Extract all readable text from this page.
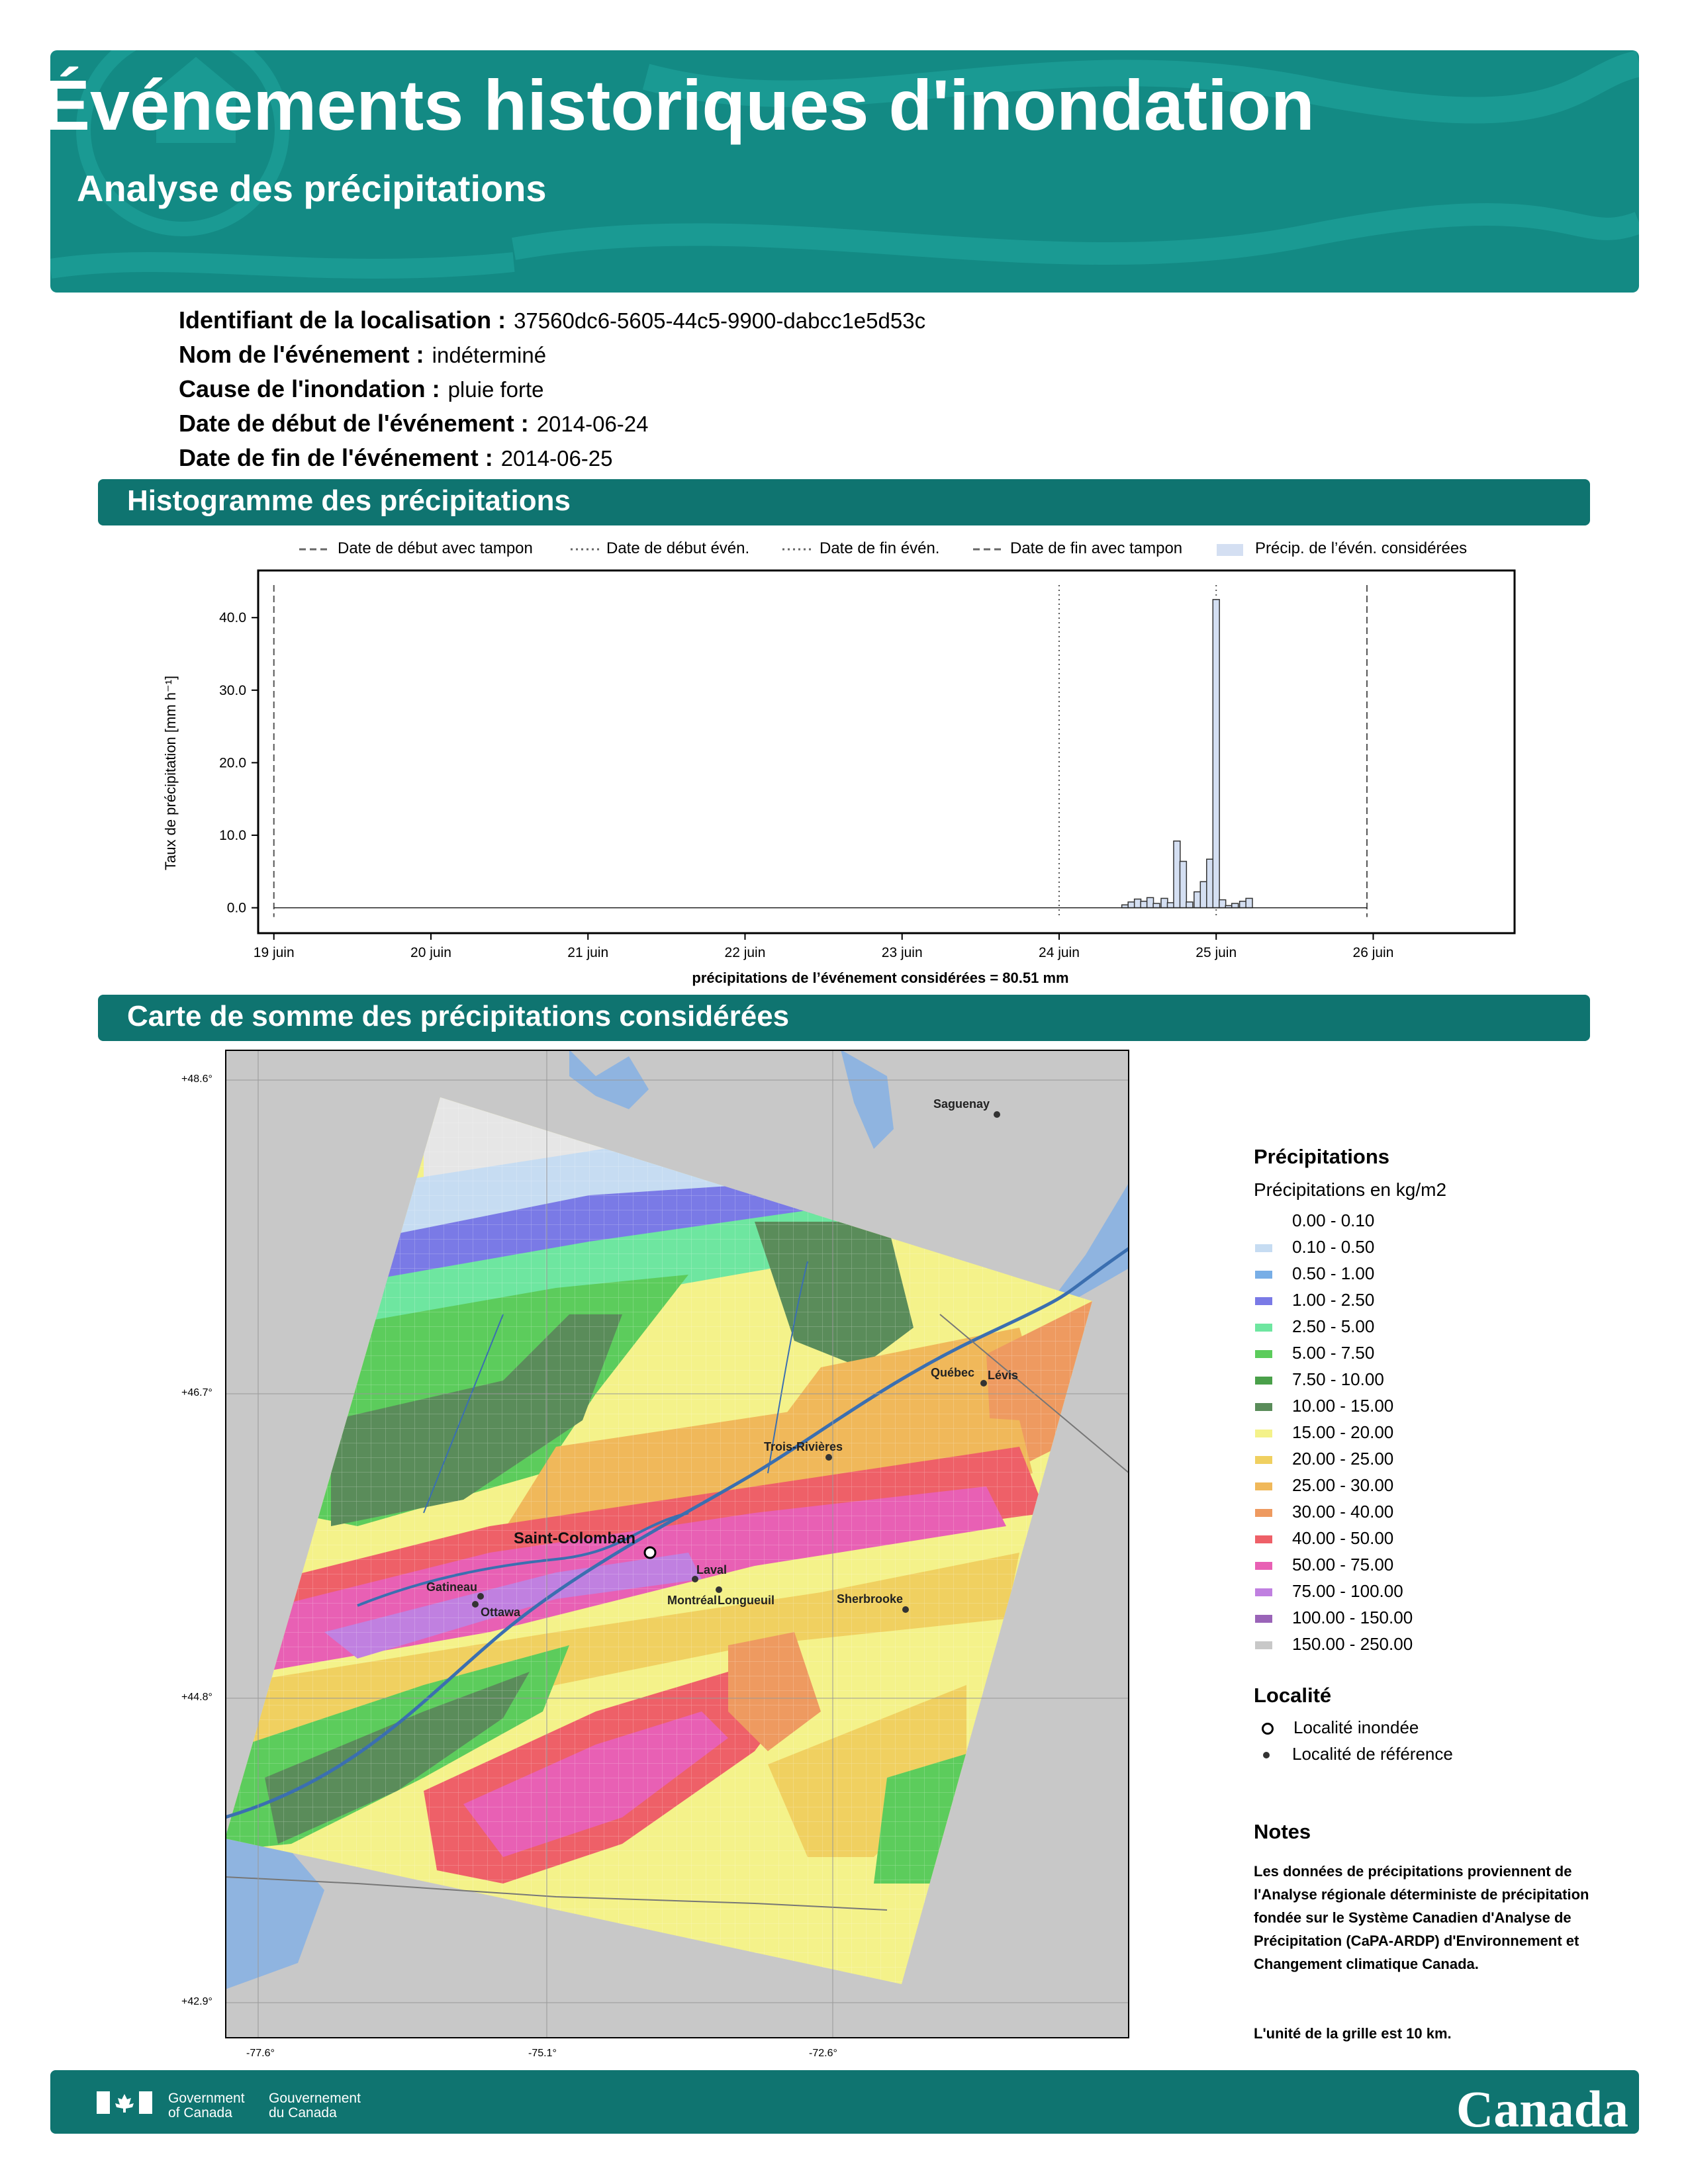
Événements historiques d'inondation
Analyse des précipitations
Identifiant de la localisation : 37560dc6-5605-44c5-9900-dabcc1e5d53c
Nom de l'événement : indéterminé
Cause de l'inondation : pluie forte
Date de début de l'événement : 2014-06-24
Date de fin de l'événement : 2014-06-25
Histogramme des précipitations
Date de début avec tampon	Date de début évén.	Date de fin évén.	Date de fin avec tampon	Précip. de l’évén. considérées
0.0
10.0
20.0
30.0
40.0
19 juin	20 juin	21 juin	22 juin	23 juin	24 juin	25 juin	26 juin
Taux de précipitation [mm h⁻¹]
précipitations de l’événement considérées = 80.51 mm
Carte de somme des précipitations considérées
Saguenay
Québec Lévis
Trois-Rivières
Saint-Colomban
Laval
Gatineau
Ottawa
Montréal Longueuil	Sherbrooke
+48.6°
+46.7°
+44.8°
+42.9°
-77.6°	-75.1°	-72.6°
Précipitations
Précipitations en kg/m2
0.00 - 0.10
0.10 - 0.50
0.50 - 1.00
1.00 - 2.50
2.50 - 5.00
5.00 - 7.50
7.50 - 10.00
10.00 - 15.00
15.00 - 20.00
20.00 - 25.00
25.00 - 30.00
30.00 - 40.00
40.00 - 50.00
50.00 - 75.00
75.00 - 100.00
100.00 - 150.00
150.00 - 250.00
Localité
Localité inondée
Localité de référence
Notes
Les données de précipitations proviennent de l'Analyse régionale déterministe de précipitation fondée sur le Système Canadien d'Analyse de Précipitation (CaPA-ARDP) d'Environnement et Changement climatique Canada.
L'unité de la grille est 10 km.
Government
of Canada
Gouvernement
du Canada	Canada
